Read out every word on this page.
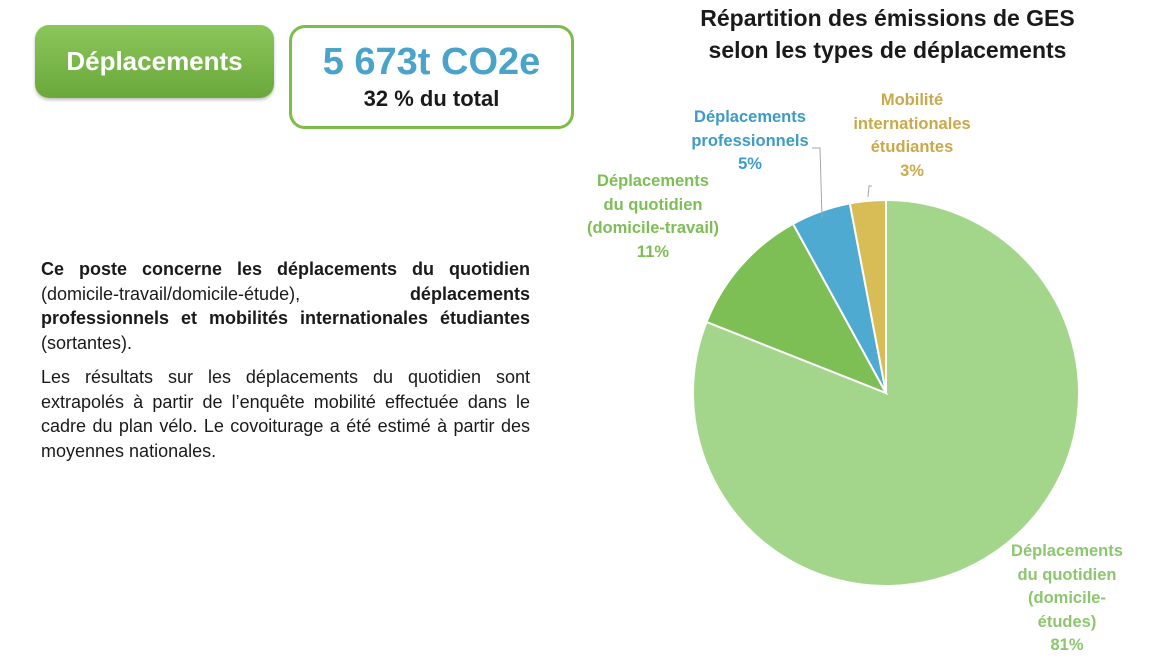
Déplacements 5 673t CO2e
32 % du total

Ce poste concerne les déplacements du quotidien (domicile-travail/domicile-étude), déplacements professionnels et mobilités internationales étudiantes (sortantes).

Les résultats sur les déplacements du quotidien sont extrapolés à partir de l’enquête mobilité effectuée dans le cadre du plan vélo. Le covoiturage a été estimé à partir des moyennes nationales.

Répartition des émissions de GES
selon les types de déplacements
Déplacements
du quotidien
(domicile-
études)
81%
Déplacements
du quotidien
(domicile-travail)
11%
Déplacements
professionnels
5%
Mobilité
internationales
étudiantes
3%
